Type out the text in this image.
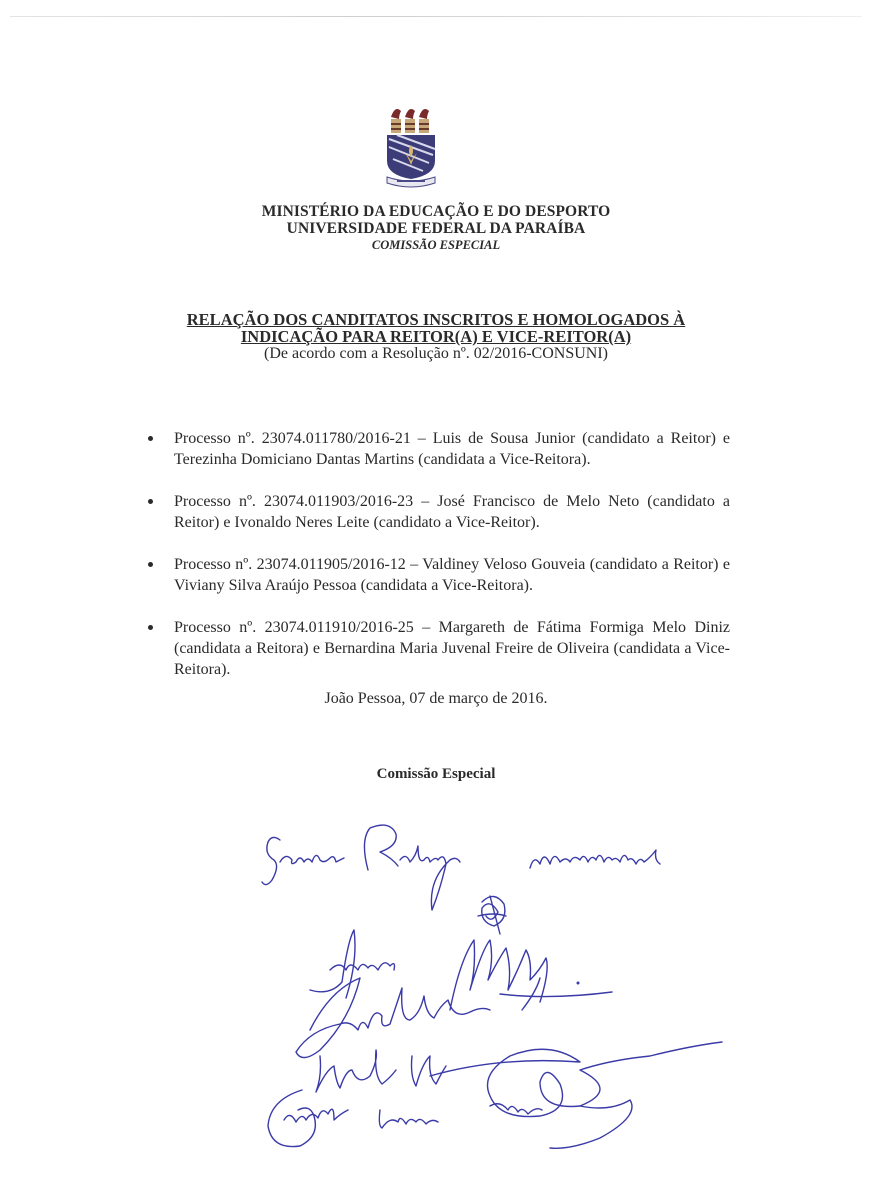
MINISTÉRIO DA EDUCAÇÃO E DO DESPORTO
UNIVERSIDADE FEDERAL DA PARAÍBA
COMISSÃO ESPECIAL
RELAÇÃO DOS CANDITATOS INSCRITOS E HOMOLOGADOS À
INDICAÇÃO PARA REITOR(A) E VICE-REITOR(A)
(De acordo com a Resolução nº. 02/2016-CONSUNI)
Processo nº. 23074.011780/2016-21 – Luis de Sousa Junior (candidato a Reitor) e Terezinha Domiciano Dantas Martins (candidata a Vice-Reitora).
Processo nº. 23074.011903/2016-23 – José Francisco de Melo Neto (candidato a Reitor) e Ivonaldo Neres Leite (candidato a Vice-Reitor).
Processo nº. 23074.011905/2016-12 – Valdiney Veloso Gouveia (candidato a Reitor) e Viviany Silva Araújo Pessoa (candidata a Vice-Reitora).
Processo nº. 23074.011910/2016-25 – Margareth de Fátima Formiga Melo Diniz (candidata a Reitora) e Bernardina Maria Juvenal Freire de Oliveira (candidata a Vice-Reitora).
João Pessoa, 07 de março de 2016.
Comissão Especial
